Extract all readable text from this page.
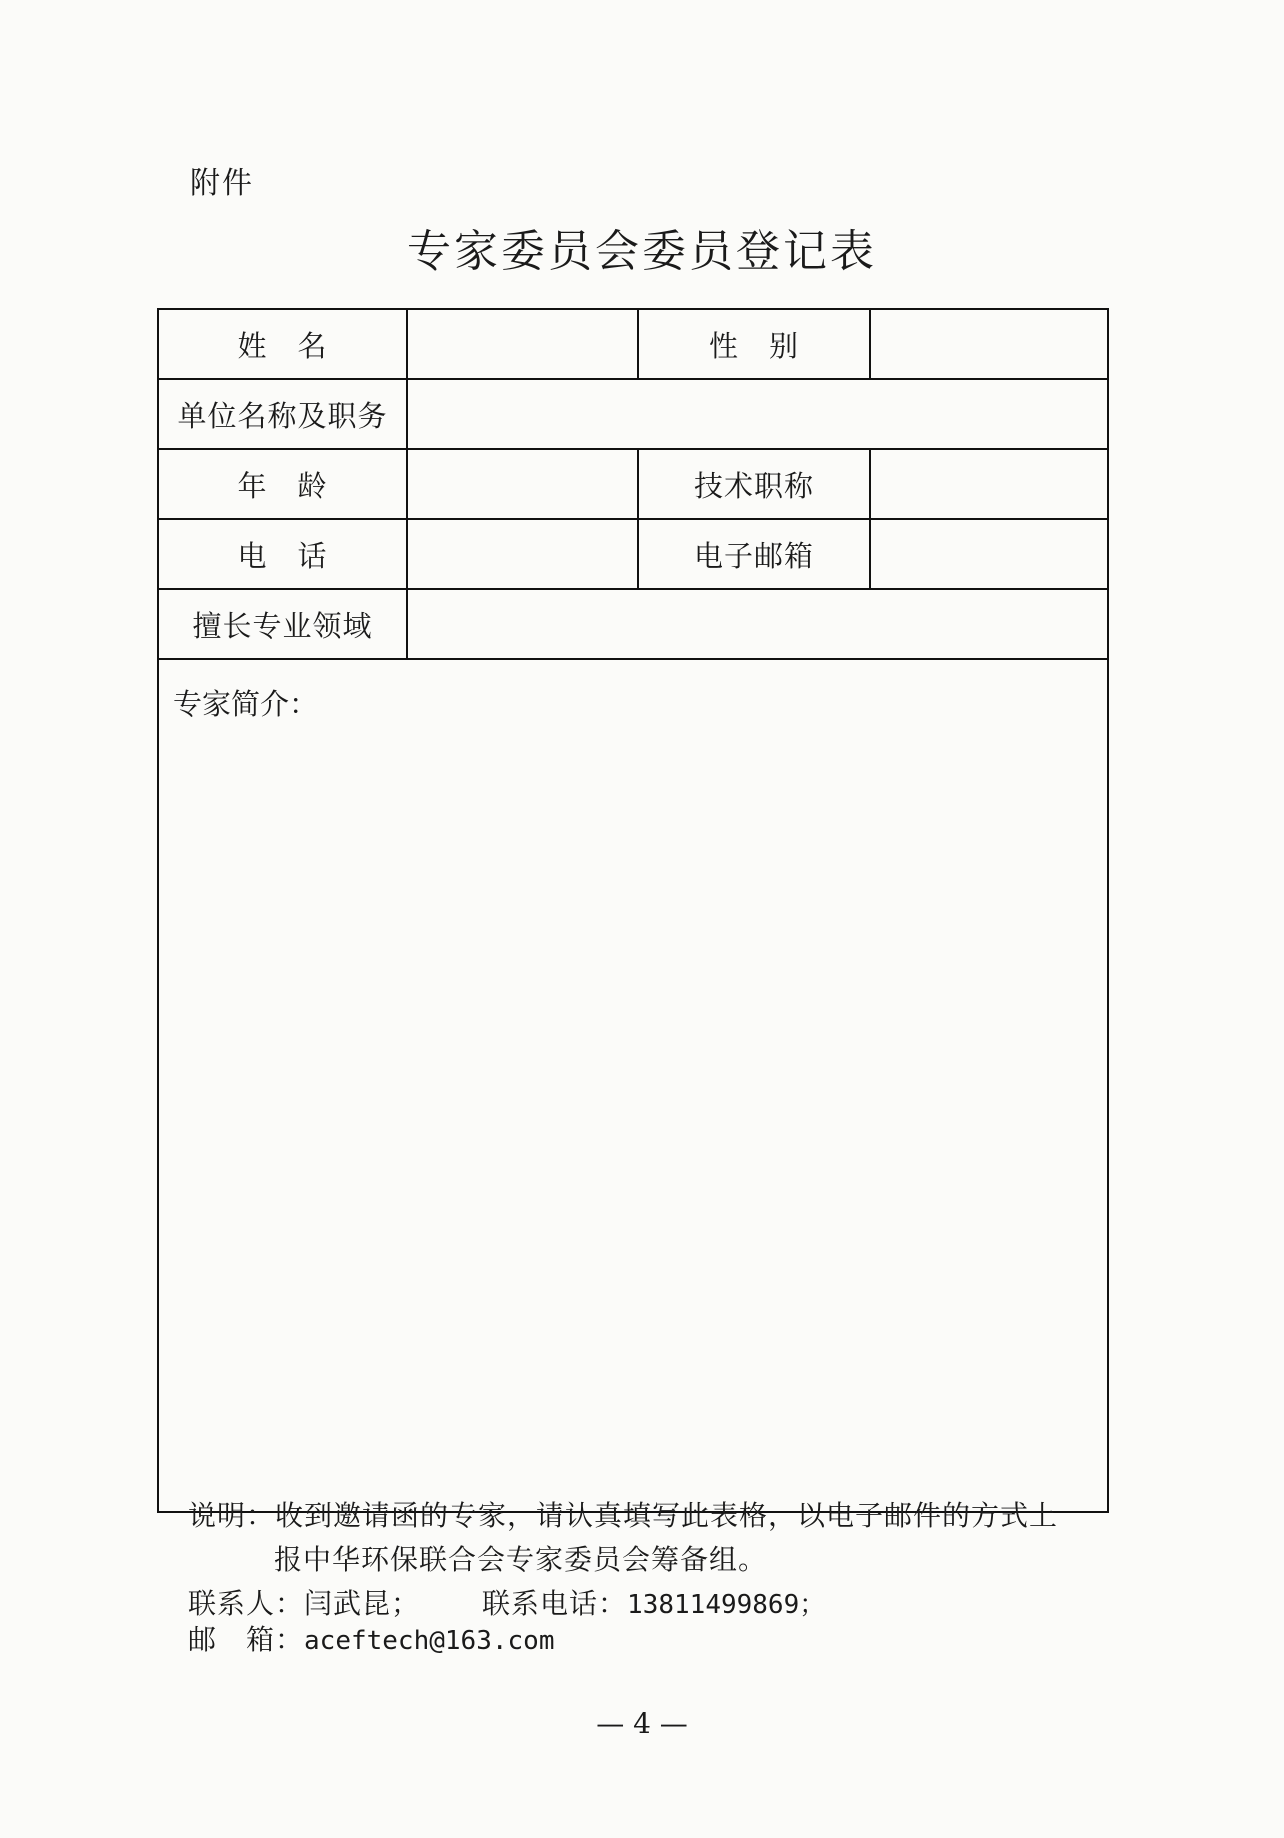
附件
专家委员会委员登记表
姓　名		性　别	
单位名称及职务			
年　龄		技术职称	
电　话		电子邮箱	
擅长专业领域			
专家简介：			
说明：收到邀请函的专家，请认真填写此表格，以电子邮件的方式上
报中华环保联合会专家委员会筹备组。
联系人：闫武昆； 联系电话：13811499869；
邮　箱：aceftech@163.com
— 4 —
